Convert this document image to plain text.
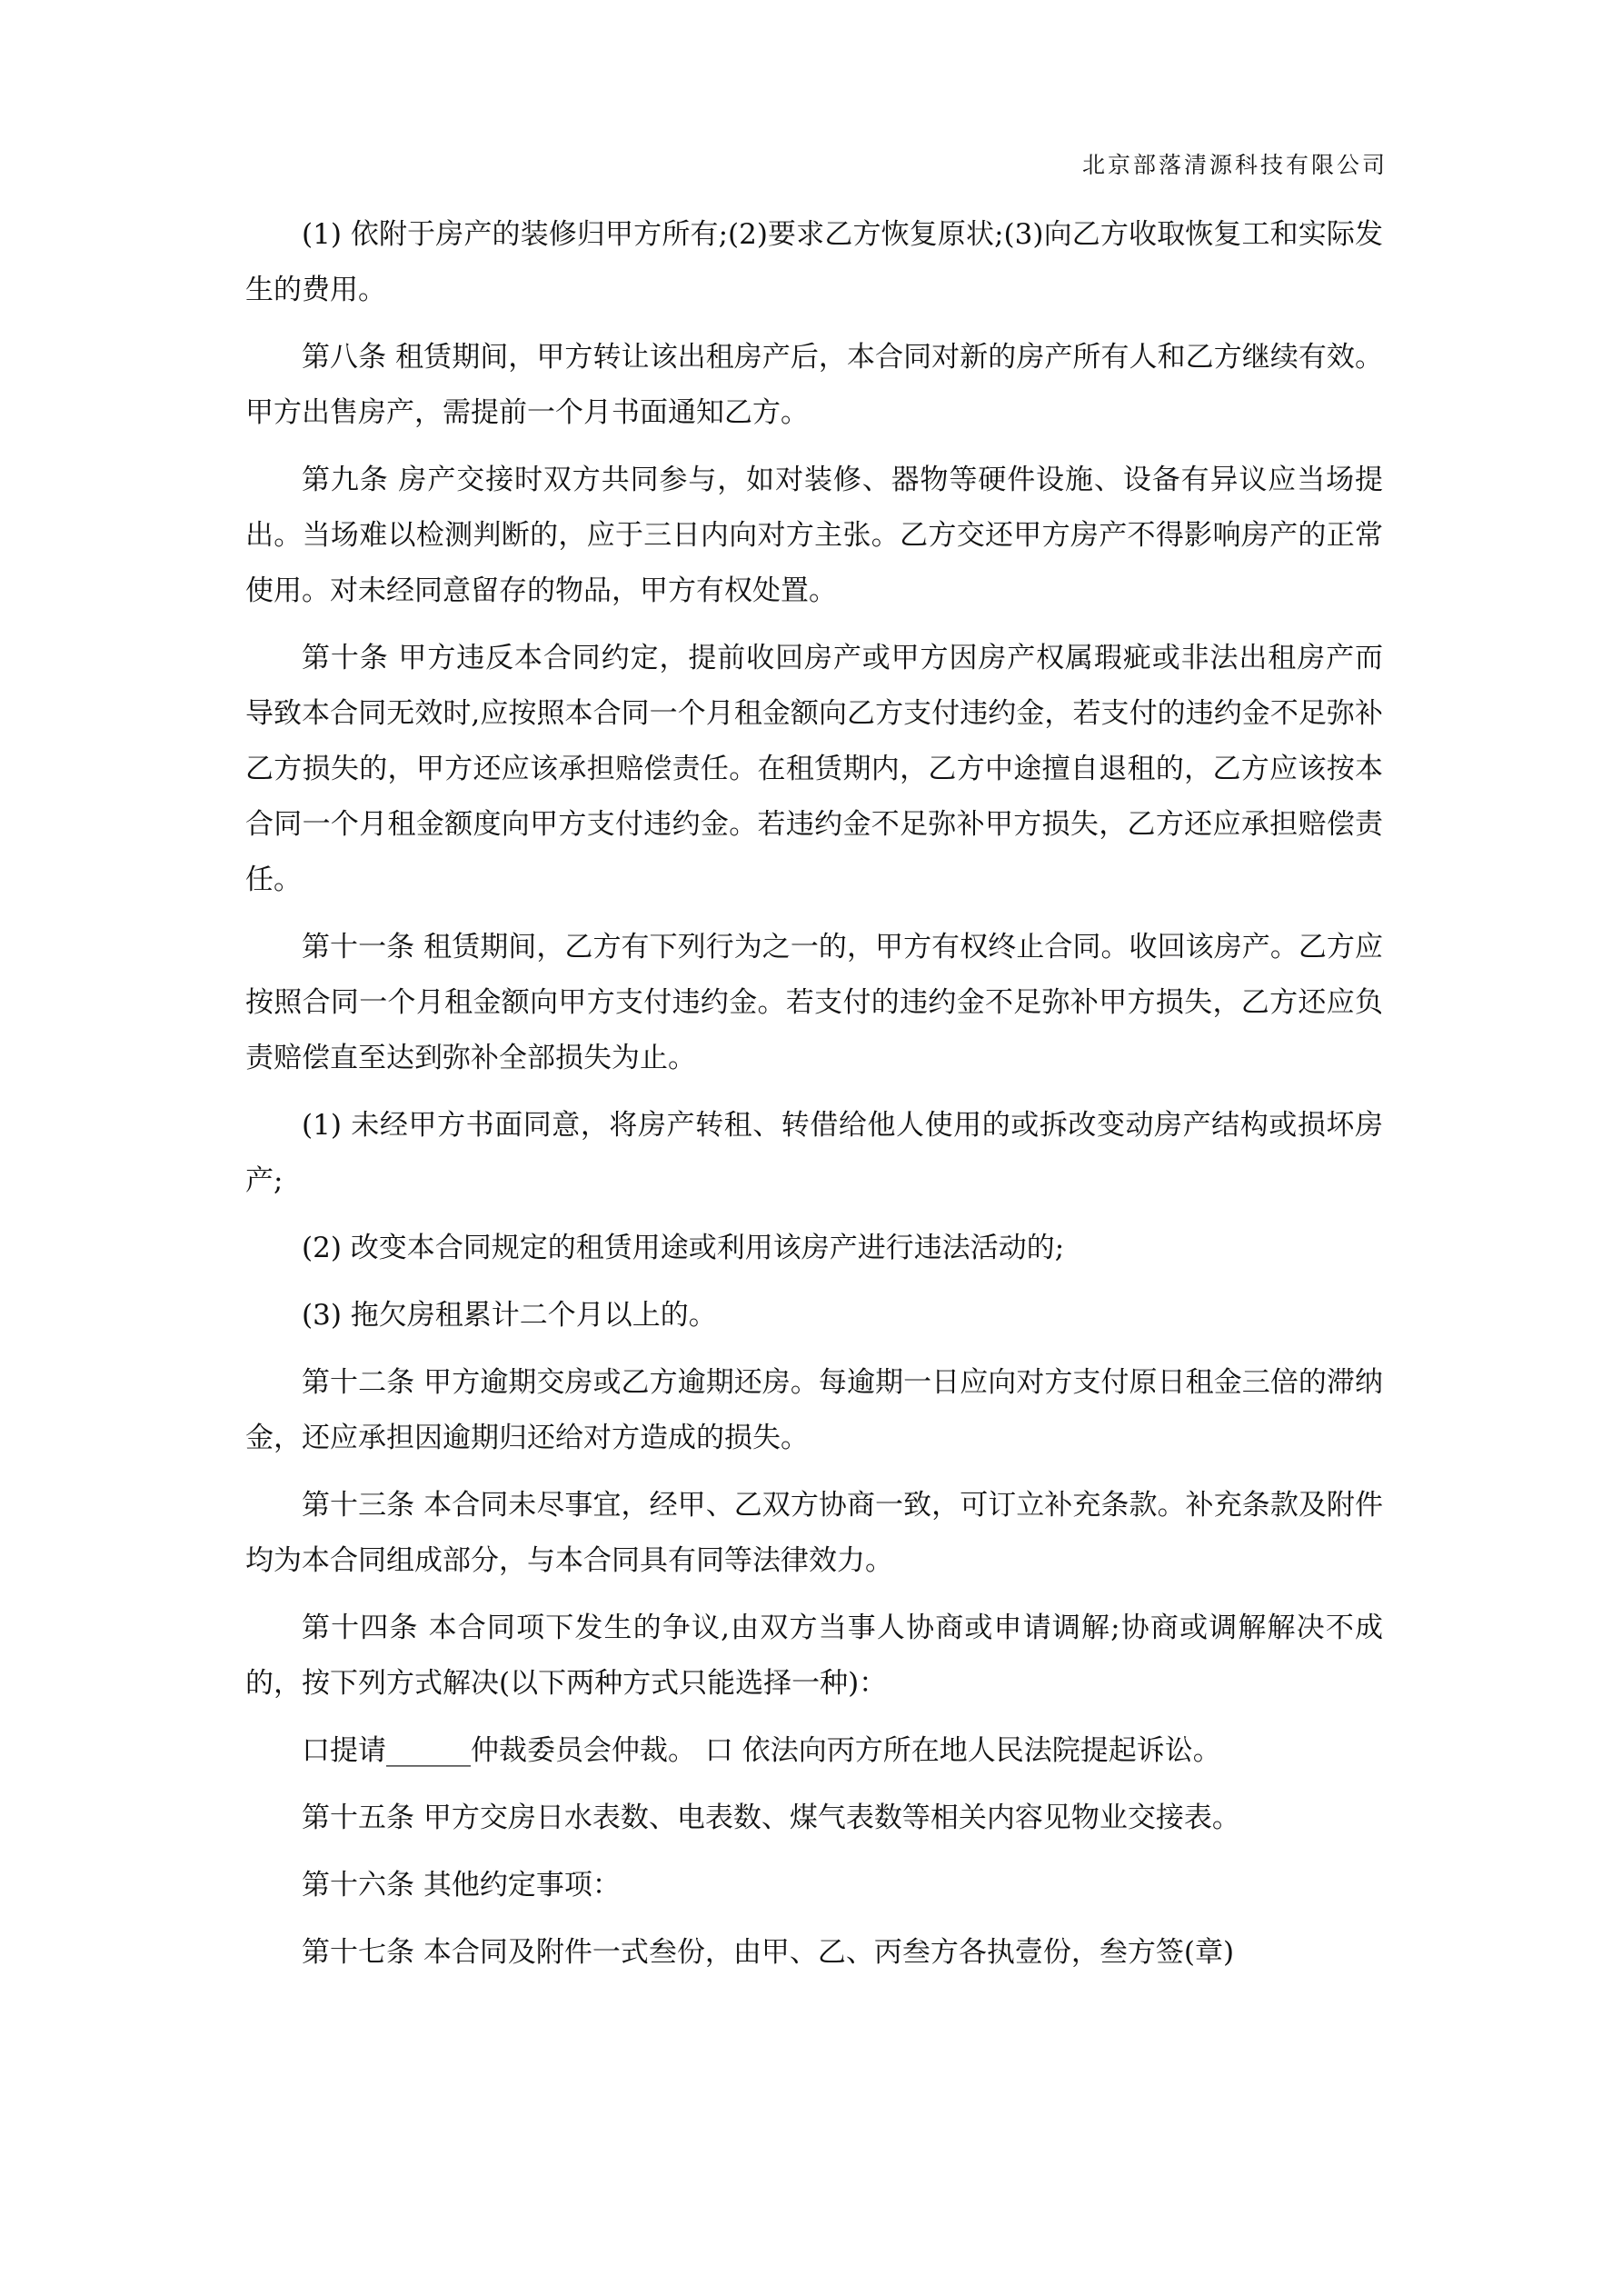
北京部落清源科技有限公司

(1) 依附于房产的装修归甲方所有;(2)要求乙方恢复原状;(3)向乙方收取恢复工和实际发生的费用。

第八条 租赁期间，甲方转让该出租房产后，本合同对新的房产所有人和乙方继续有效。甲方出售房产，需提前一个月书面通知乙方。

第九条 房产交接时双方共同参与，如对装修、器物等硬件设施、设备有异议应当场提出。当场难以检测判断的，应于三日内向对方主张。乙方交还甲方房产不得影响房产的正常使用。对未经同意留存的物品，甲方有权处置。

第十条 甲方违反本合同约定，提前收回房产或甲方因房产权属瑕疵或非法出租房产而 导致本合同无效时,应按照本合同一个月租金额向乙方支付违约金，若支付的违约金不足弥补乙方损失的，甲方还应该承担赔偿责任。在租赁期内，乙方中途擅自退租的，乙方应该按本合同一个月租金额度向甲方支付违约金。若违约金不足弥补甲方损失，乙方还应承担赔偿责任。

第十一条 租赁期间，乙方有下列行为之一的，甲方有权终止合同。收回该房产。乙方应按照合同一个月租金额向甲方支付违约金。若支付的违约金不足弥补甲方损失，乙方还应负责赔偿直至达到弥补全部损失为止。

(1) 未经甲方书面同意，将房产转租、转借给他人使用的或拆改变动房产结构或损坏房产;

(2) 改变本合同规定的租赁用途或利用该房产进行违法活动的;

(3) 拖欠房租累计二个月以上的。

第十二条 甲方逾期交房或乙方逾期还房。每逾期一日应向对方支付原日租金三倍的滞纳金，还应承担因逾期归还给对方造成的损失。

第十三条 本合同未尽事宜，经甲、乙双方协商一致，可订立补充条款。补充条款及附件均为本合同组成部分，与本合同具有同等法律效力。

第十四条 本合同项下发生的争议,由双方当事人协商或申请调解;协商或调解解决不成的，按下列方式解决(以下两种方式只能选择一种)：

口提请______仲裁委员会仲裁。 口 依法向丙方所在地人民法院提起诉讼。

第十五条 甲方交房日水表数、电表数、煤气表数等相关内容见物业交接表。

第十六条 其他约定事项：

第十七条 本合同及附件一式叁份，由甲、乙、丙叁方各执壹份，叁方签(章)
